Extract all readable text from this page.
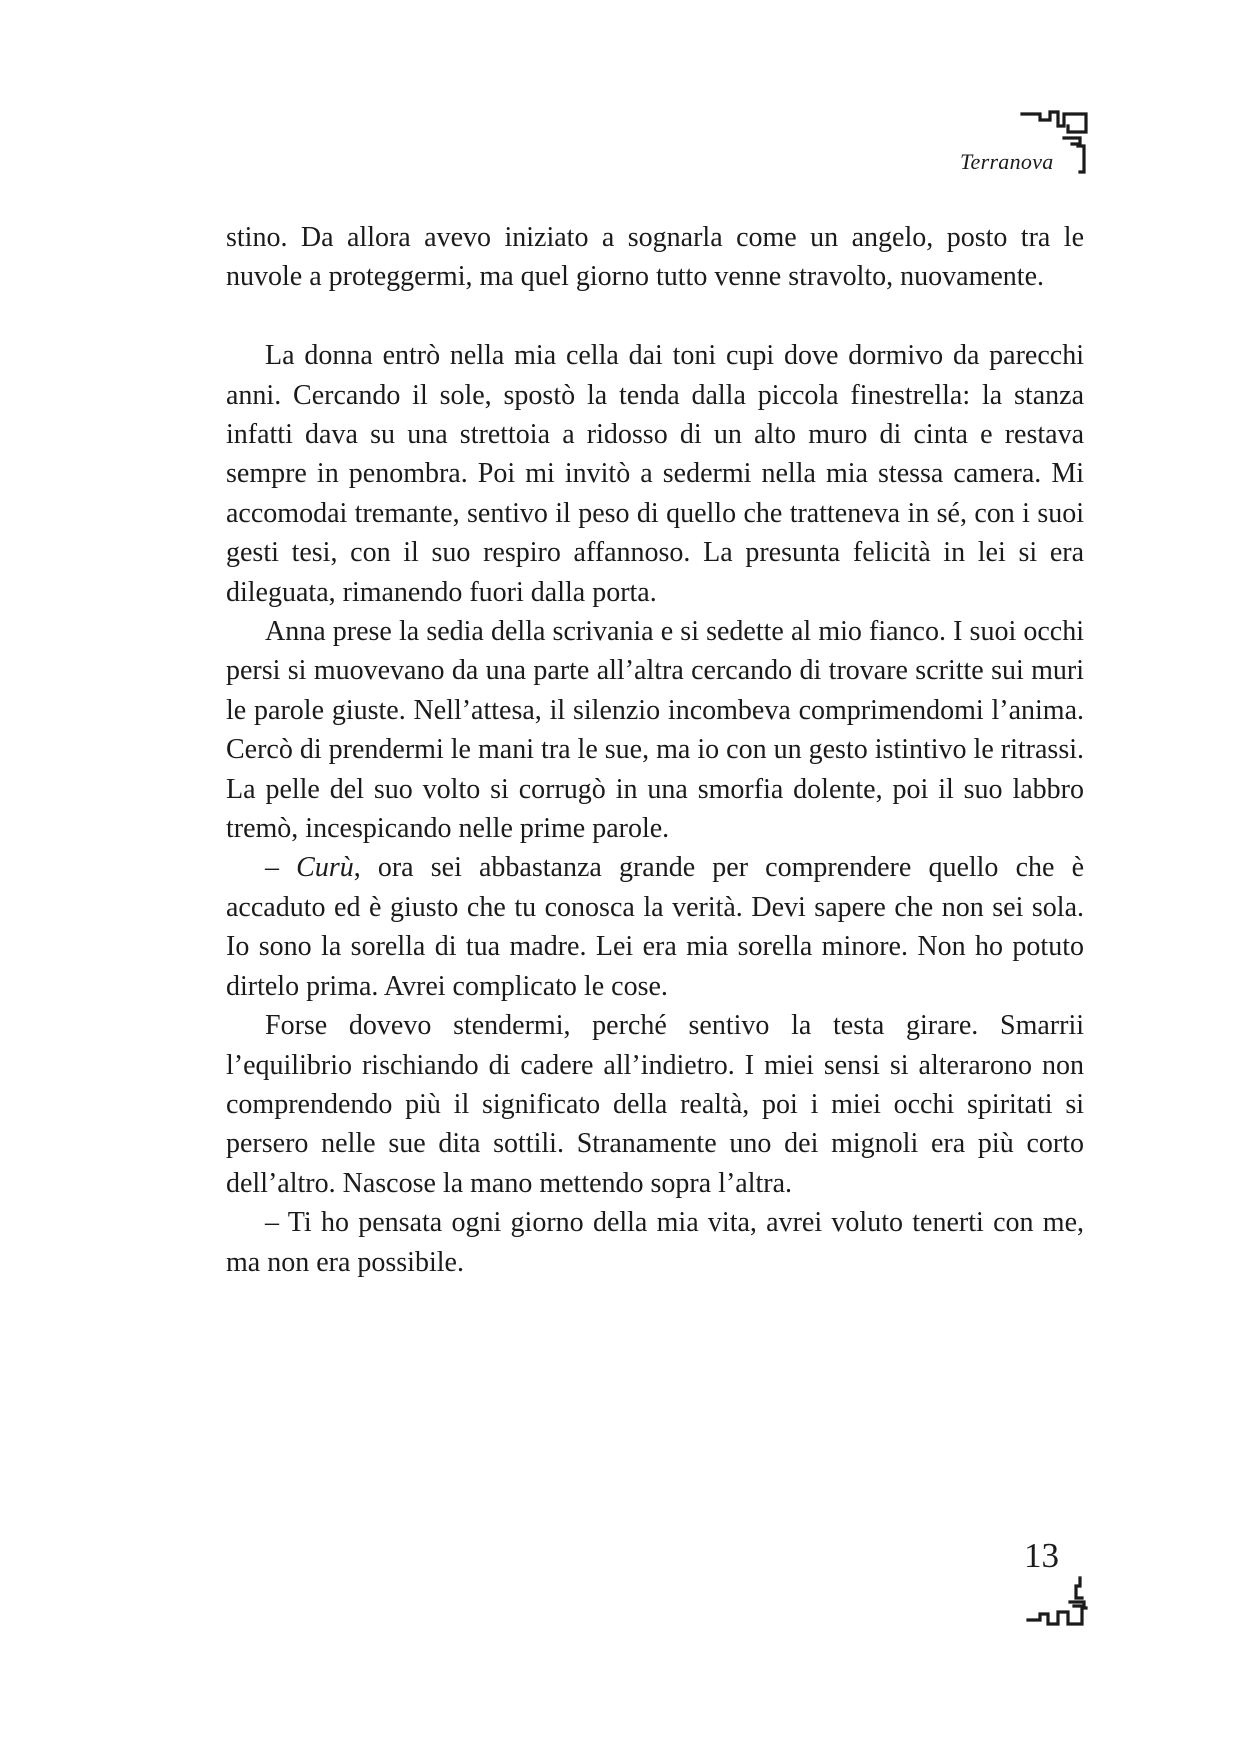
Terranova

stino. Da allora avevo iniziato a sognarla come un angelo, posto tra le nuvole a proteggermi, ma quel giorno tutto venne stravolto, nuovamente.

La donna entrò nella mia cella dai toni cupi dove dormivo da parecchi anni. Cercando il sole, spostò la tenda dalla piccola finestrella: la stanza infatti dava su una strettoia a ridosso di un alto muro di cinta e restava sempre in penombra. Poi mi invitò a sedermi nella mia stessa camera. Mi accomodai tremante, sentivo il peso di quello che tratteneva in sé, con i suoi gesti tesi, con il suo respiro affannoso. La presunta felicità in lei si era dileguata, rimanendo fuori dalla porta.

Anna prese la sedia della scrivania e si sedette al mio fianco. I suoi occhi persi si muovevano da una parte all’altra cercando di trovare scritte sui muri le parole giuste. Nell’attesa, il silenzio incombeva comprimendomi l’anima. Cercò di prendermi le mani tra le sue, ma io con un gesto istintivo le ritrassi. La pelle del suo volto si corrugò in una smorfia dolente, poi il suo labbro tremò, incespicando nelle prime parole.

– Curù, ora sei abbastanza grande per comprendere quello che è accaduto ed è giusto che tu conosca la verità. Devi sapere che non sei sola. Io sono la sorella di tua madre. Lei era mia sorella minore. Non ho potuto dirtelo prima. Avrei complicato le cose.

Forse dovevo stendermi, perché sentivo la testa girare. Smarrii l’equilibrio rischiando di cadere all’indietro. I miei sensi si alterarono non comprendendo più il significato della realtà, poi i miei occhi spiritati si persero nelle sue dita sottili. Stranamente uno dei mignoli era più corto dell’altro. Nascose la mano mettendo sopra l’altra.

– Ti ho pensata ogni giorno della mia vita, avrei voluto tenerti con me, ma non era possibile.

13
